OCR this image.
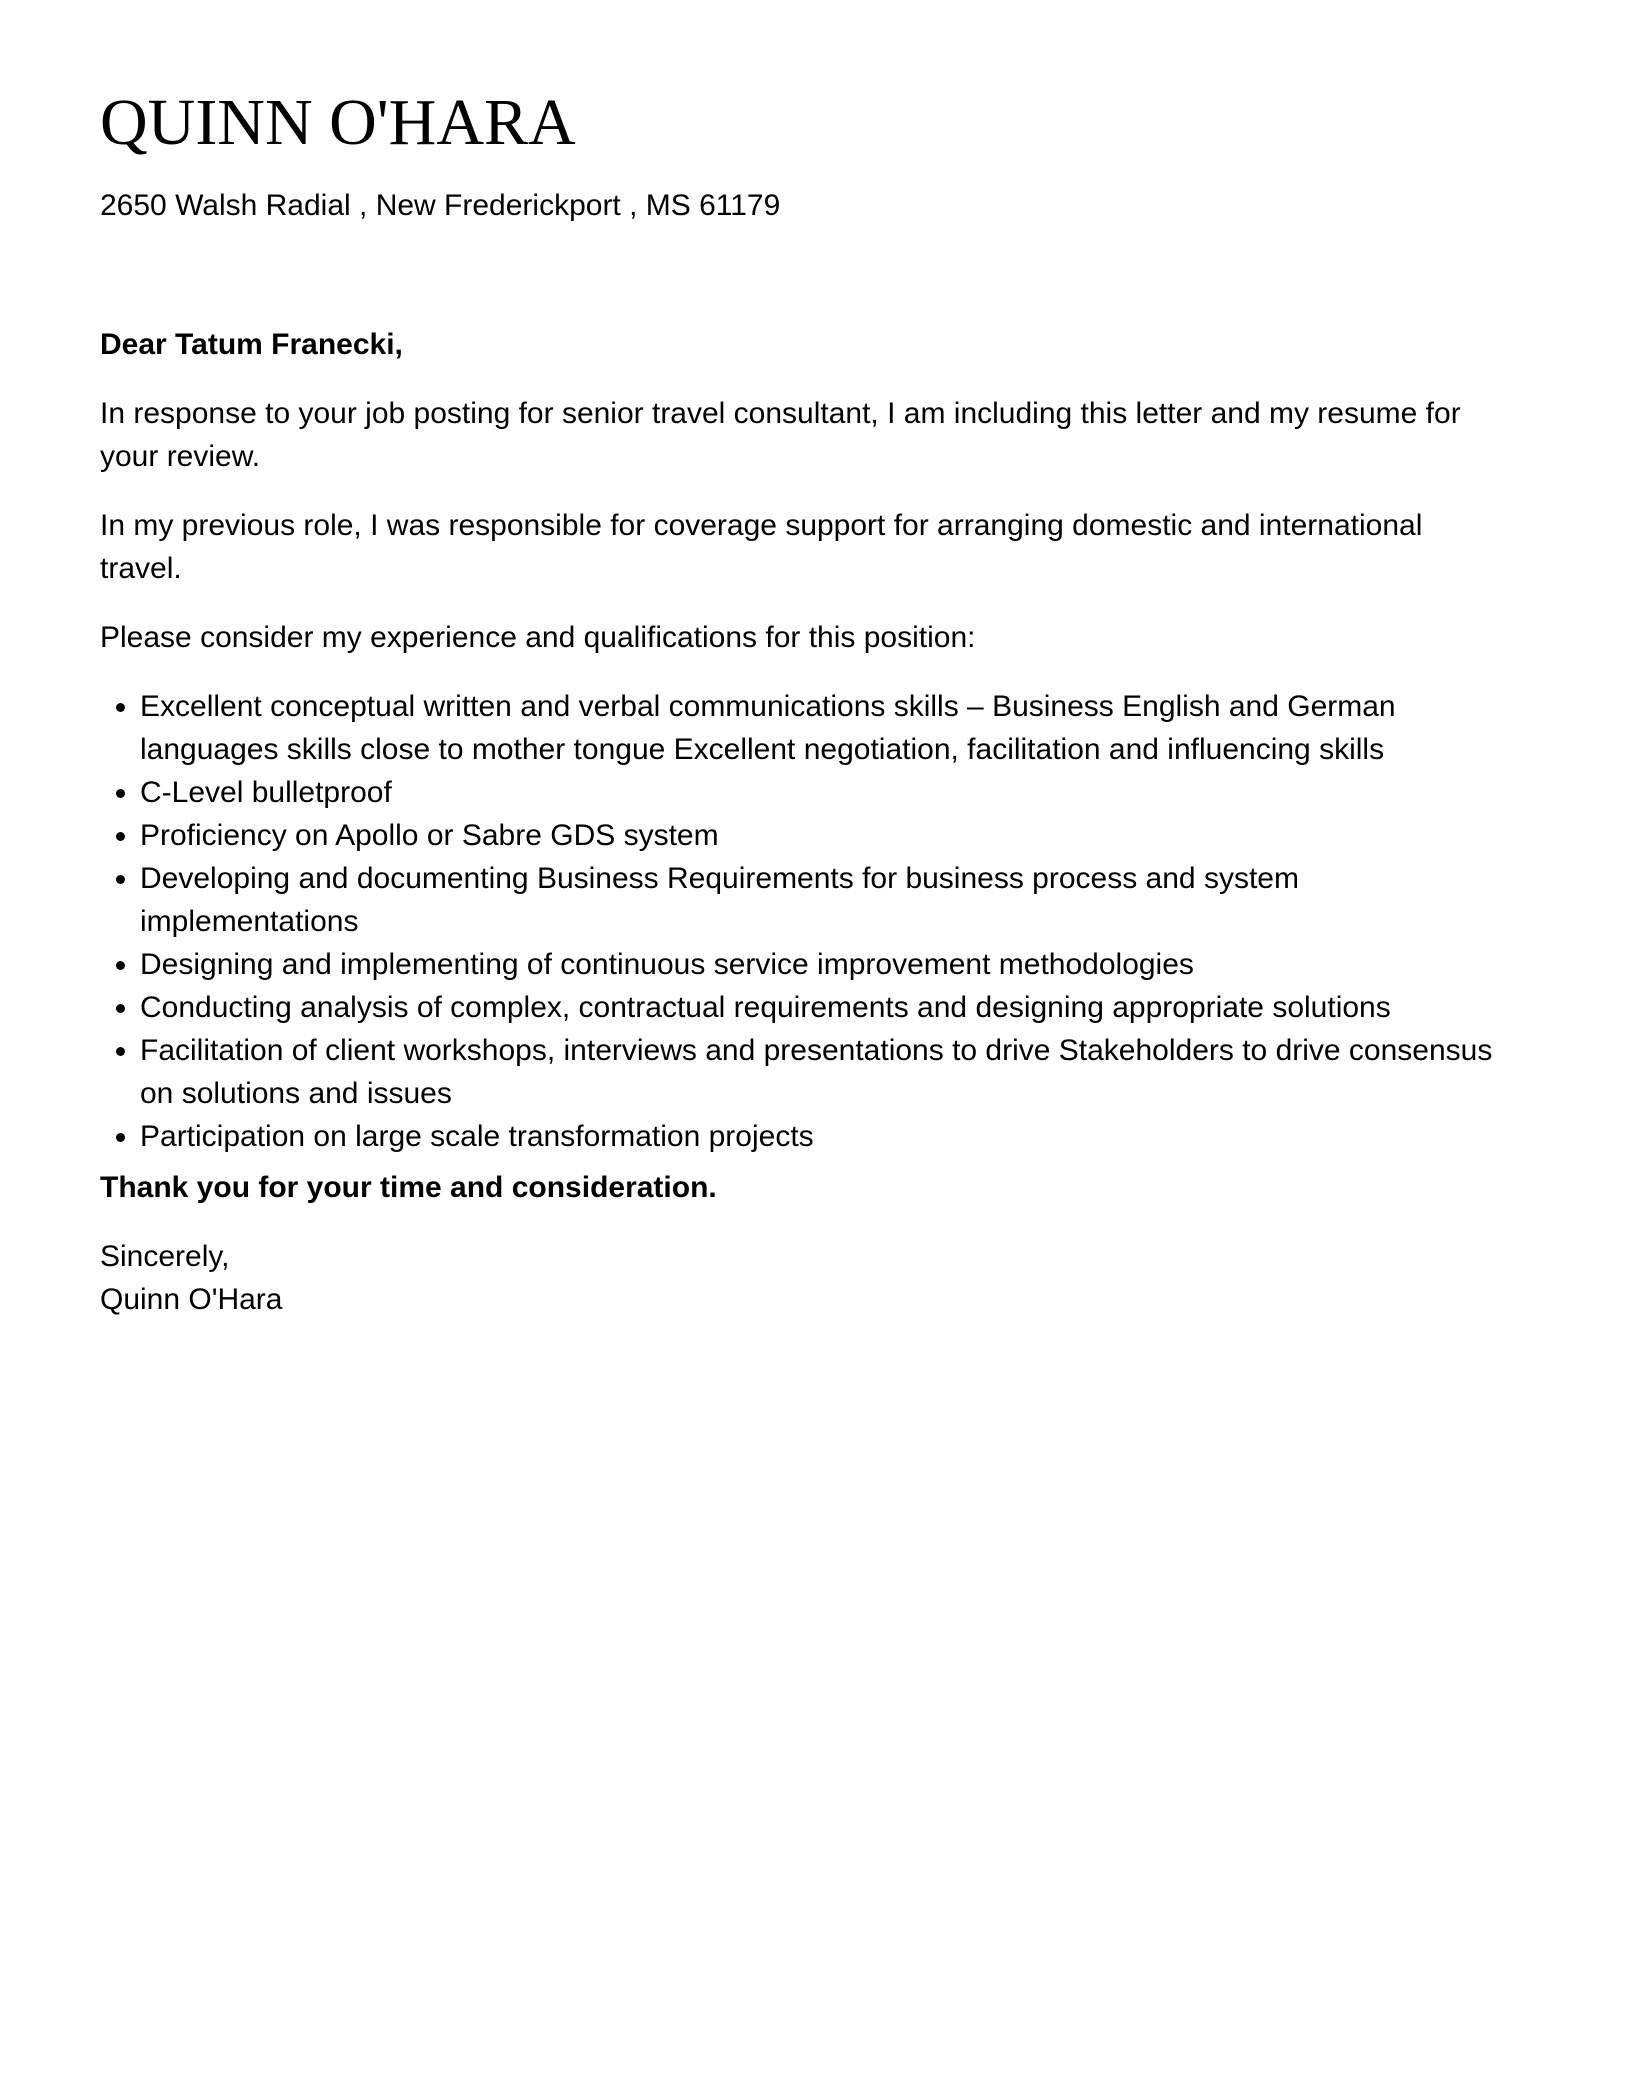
QUINN O'HARA
2650 Walsh Radial , New Frederickport , MS 61179

Dear Tatum Franecki,

In response to your job posting for senior travel consultant, I am including this letter and my resume for your review.

In my previous role, I was responsible for coverage support for arranging domestic and international travel.

Please consider my experience and qualifications for this position:

• Excellent conceptual written and verbal communications skills – Business English and German languages skills close to mother tongue Excellent negotiation, facilitation and influencing skills
• C-Level bulletproof
• Proficiency on Apollo or Sabre GDS system
• Developing and documenting Business Requirements for business process and system implementations
• Designing and implementing of continuous service improvement methodologies
• Conducting analysis of complex, contractual requirements and designing appropriate solutions
• Facilitation of client workshops, interviews and presentations to drive Stakeholders to drive consensus on solutions and issues
• Participation on large scale transformation projects

Thank you for your time and consideration.

Sincerely,
Quinn O'Hara
